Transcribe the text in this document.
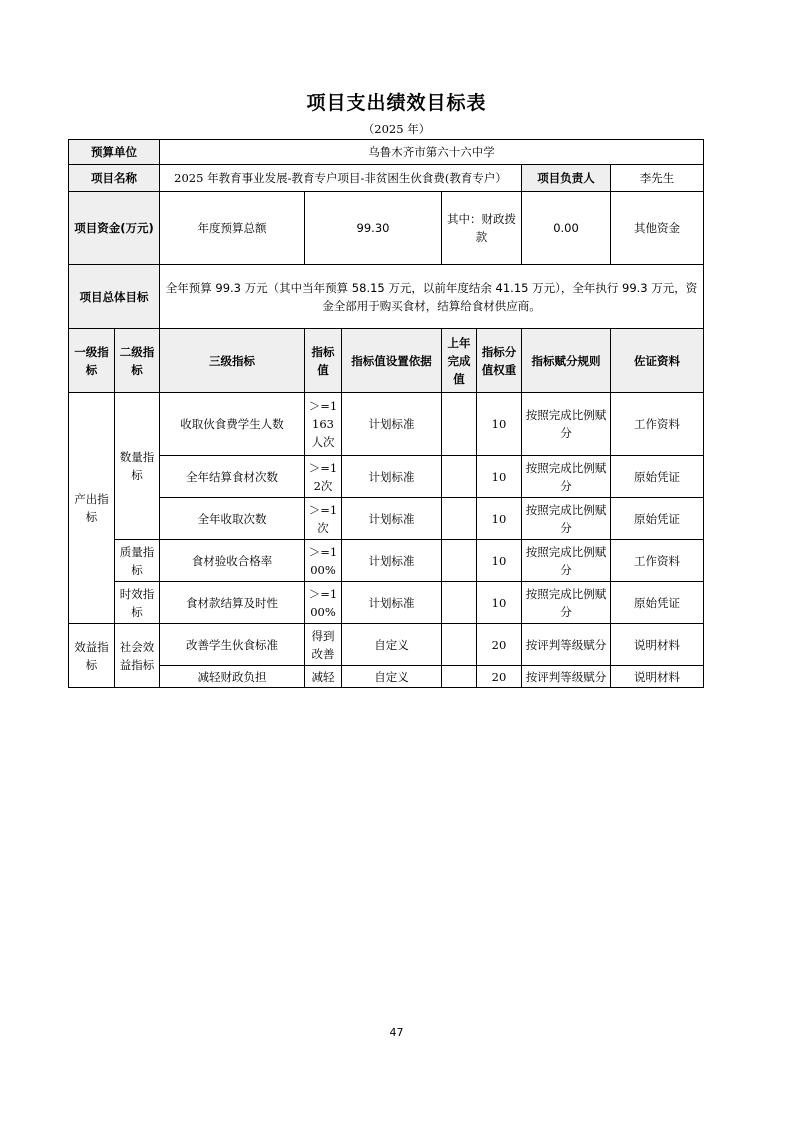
项目支出绩效目标表
（2025 年）
预算单位		乌鲁木齐市第六十六中学							
项目名称		2025 年教育事业发展-教育专户项目-非贫困生伙食费(教育专户）					项目负责人	李先生	
项目资金(万元)		年度预算总额	99.30		其中：财政拨款		0.00	其他资金	
项目总体目标		全年预算 99.3 万元（其中当年预算 58.15 万元，以前年度结余 41.15 万元），全年执行 99.3 万元，资金全部用于购买食材，结算给食材供应商。							
一级指标	二级指标	三级指标	指标值	指标值设置依据	上年完成值	指标分值权重	指标赋分规则	佐证资料	
产出指标	数量指标	收取伙食费学生人数	＞=1163人次	计划标准		10	按照完成比例赋分	工作资料	
		全年结算食材次数	＞=12次	计划标准		10	按照完成比例赋分	原始凭证	
		全年收取次数	＞=1次	计划标准		10	按照完成比例赋分	原始凭证	
	质量指标	食材验收合格率	＞=100%	计划标准		10	按照完成比例赋分	工作资料	
	时效指标	食材款结算及时性	＞=100%	计划标准		10	按照完成比例赋分	原始凭证	
效益指标	社会效益指标	改善学生伙食标准	得到改善	自定义		20	按评判等级赋分	说明材料	
		减轻财政负担	减轻	自定义		20	按评判等级赋分	说明材料	
47
